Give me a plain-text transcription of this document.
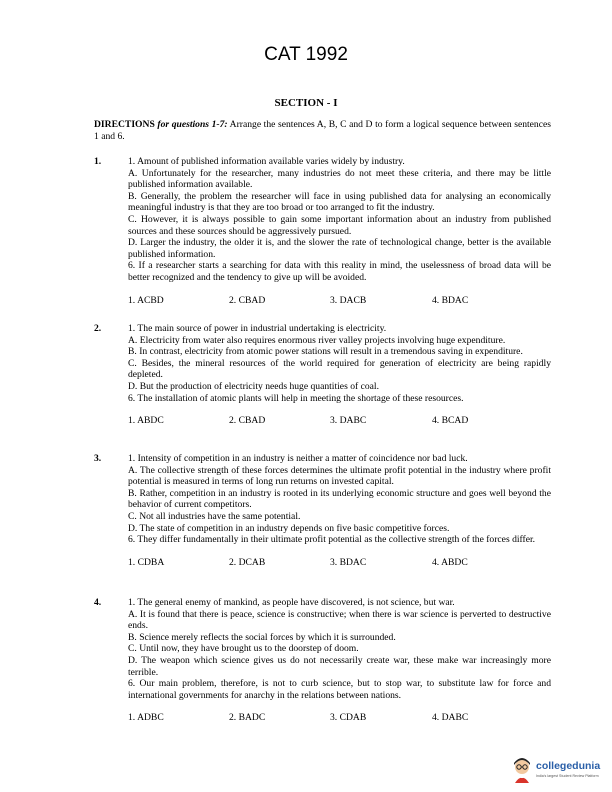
CAT 1992
SECTION - I
DIRECTIONS for questions 1-7: Arrange the sentences A, B, C and D to form a logical sequence between sentences 1 and 6.
1.	1. Amount of published information available varies widely by industry.

A. Unfortunately for the researcher, many industries do not meet these criteria, and there may be little published information available.

B. Generally, the problem the researcher will face in using published data for analysing an economically meaningful industry is that they are too broad or too arranged to fit the industry.

C. However, it is always possible to gain some important information about an industry from published sources and these sources should be aggressively pursued.

D. Larger the industry, the older it is, and the slower the rate of technological change, better is the available published information.

6. If a researcher starts a searching for data with this reality in mind, the uselessness of broad data will be better recognized and the tendency to give up will be avoided.

1. ACBD	2. CBAD	3. DACB	4. BDAC
2.	1. The main source of power in industrial undertaking is electricity.

A. Electricity from water also requires enormous river valley projects involving huge expenditure.

B. In contrast, electricity from atomic power stations will result in a tremendous saving in expenditure.

C. Besides, the mineral resources of the world required for generation of electricity are being rapidly depleted.

D. But the production of electricity needs huge quantities of coal.

6. The installation of atomic plants will help in meeting the shortage of these resources.

1. ABDC	2. CBAD	3. DABC	4. BCAD
3.	1. Intensity of competition in an industry is neither a matter of coincidence nor bad luck.

A. The collective strength of these forces determines the ultimate profit potential in the industry where profit potential is measured in terms of long run returns on invested capital.

B. Rather, competition in an industry is rooted in its underlying economic structure and goes well beyond the behavior of current competitors.

C. Not all industries have the same potential.

D. The state of competition in an industry depends on five basic competitive forces.

6. They differ fundamentally in their ultimate profit potential as the collective strength of the forces differ.

1. CDBA	2. DCAB	3. BDAC	4. ABDC
4.	1. The general enemy of mankind, as people have discovered, is not science, but war.

A. It is found that there is peace, science is constructive; when there is war science is perverted to destructive ends.

B. Science merely reflects the social forces by which it is surrounded.

C. Until now, they have brought us to the doorstep of doom.

D. The weapon which science gives us do not necessarily create war, these make war increasingly more terrible.

6. Our main problem, therefore, is not to curb science, but to stop war, to substitute law for force and international governments for anarchy in the relations between nations.

1. ADBC	2. BADC	3. CDAB	4. DABC
collegedunia
India's largest Student Review Platform
